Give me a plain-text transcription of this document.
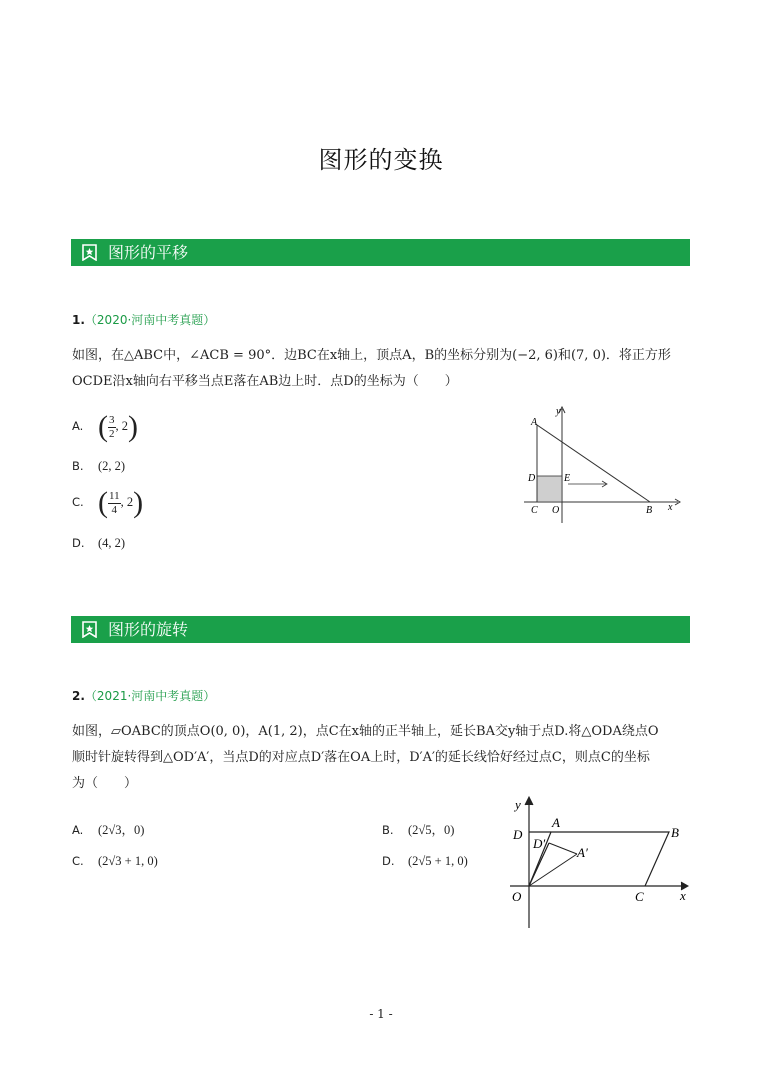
图形的变换
图形的平移
1.（2020·河南中考真题）
如图，在△ABC中，∠ACB = 90°．边BC在x轴上，顶点A，B的坐标分别为(−2, 6)和(7, 0)．将正方形
OCDE沿x轴向右平移当点E落在AB边上时．点D的坐标为（　　）
A. ( $\frac{3}{2}$ , 2)
B. (2, 2)
C. ( $\frac{11}{4}$ , 2)
D. (4, 2)
A
y
D	E
C O	B x
图形的旋转
2.（2021·河南中考真题）
如图，▱OABC的顶点O(0, 0)，A(1, 2)，点C在x轴的正半轴上，延长BA交y轴于点D.将△ODA绕点O
顺时针旋转得到△OD′A′，当点D的对应点D′落在OA上时，D′A′的延长线恰好经过点C，则点C的坐标
为（　　）
A. (2√3，0)	B. (2√5，0)
C. (2√3 + 1, 0)	D. (2√5 + 1, 0)
y
D
A
B
D′
A′
O	C	x
- 1 -
